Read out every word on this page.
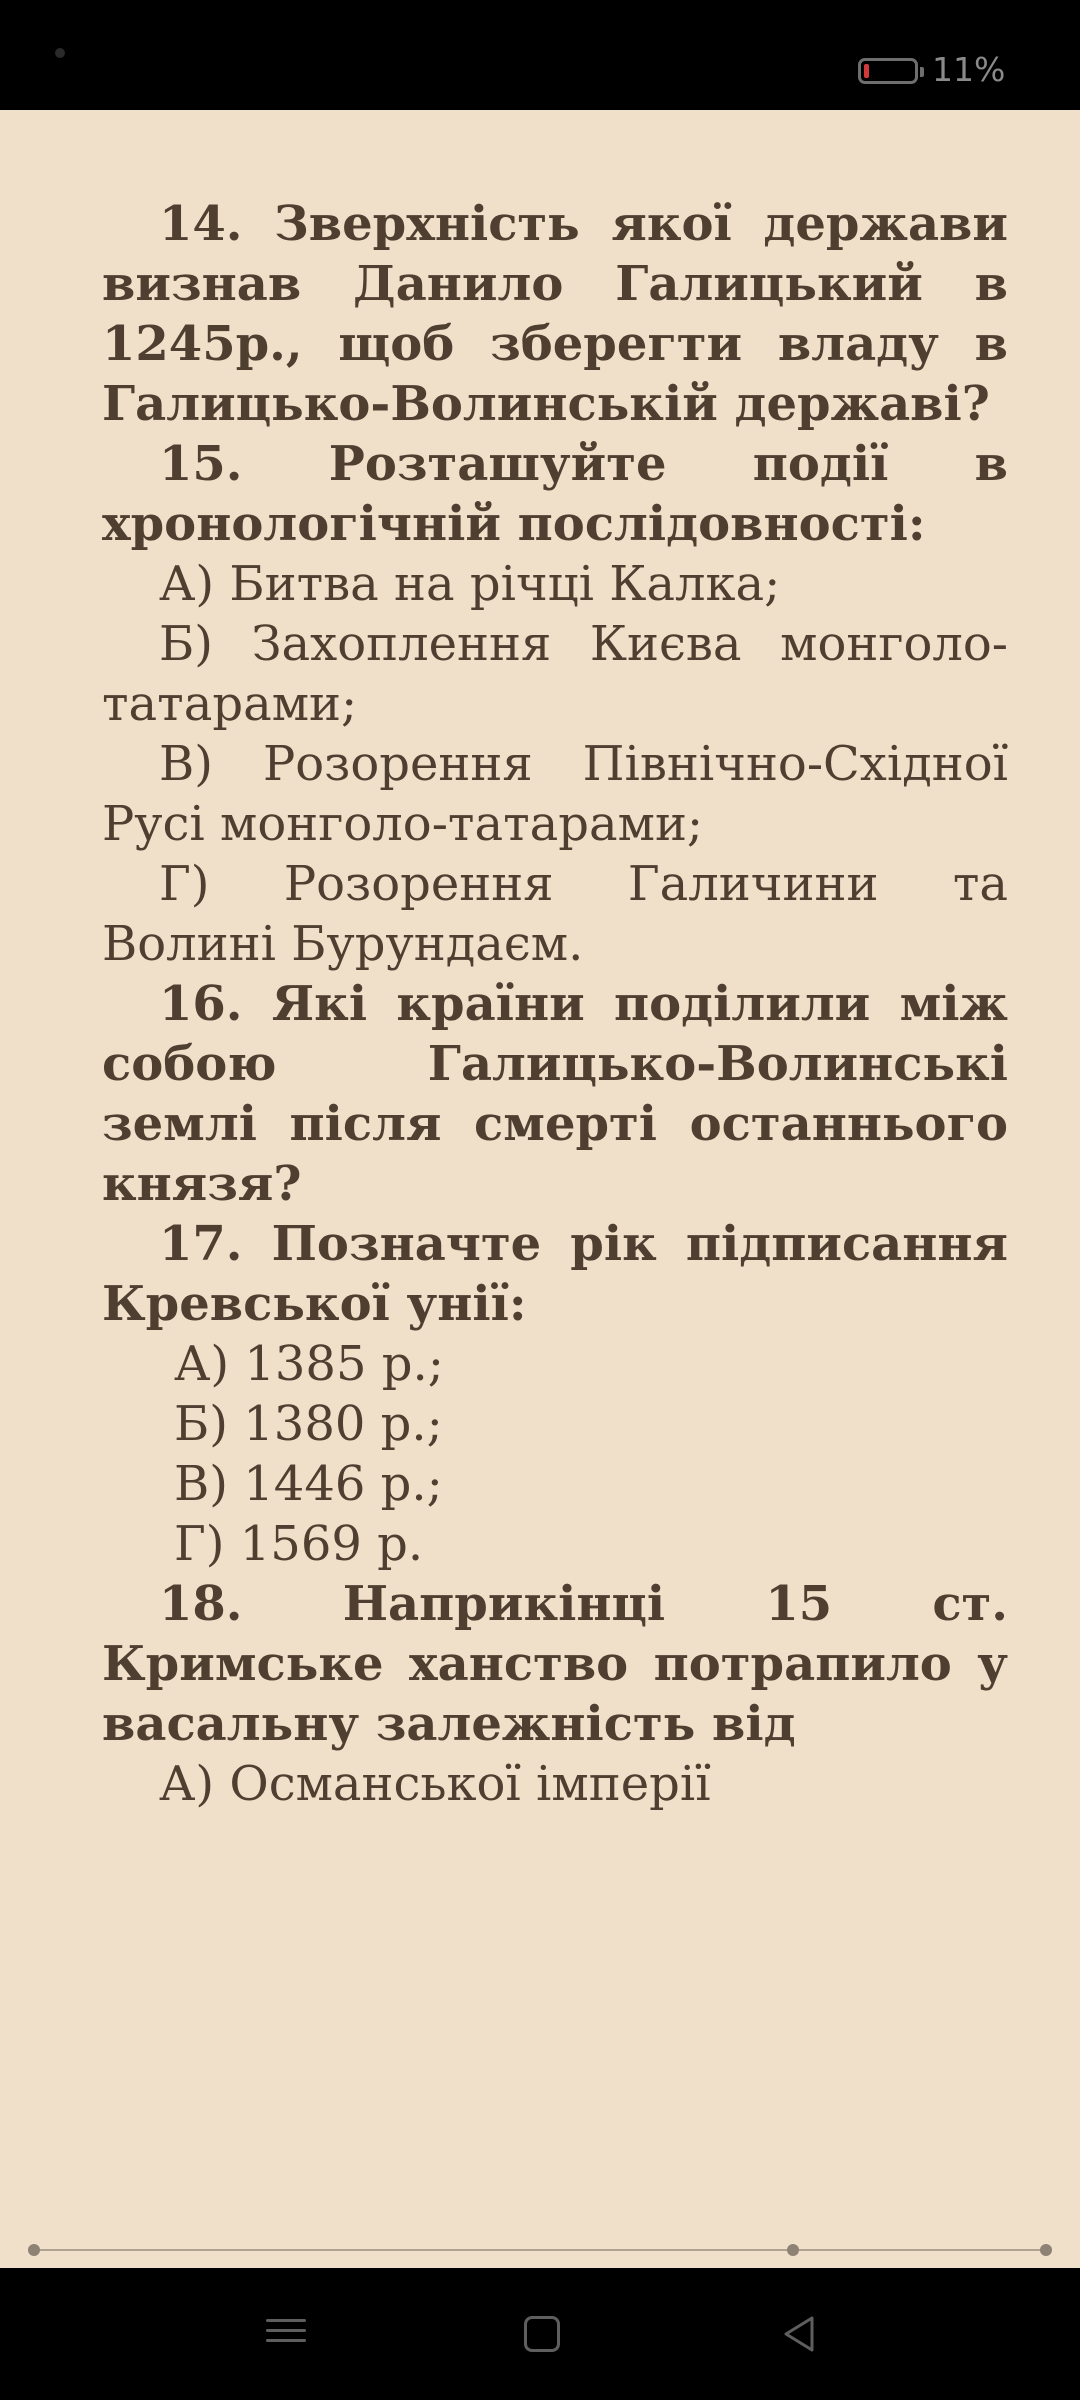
11%
14. Зверхність якої держави визнав Данило Галицький в 1245р., щоб зберегти владу в Галицько-Волинській державі?
15. Розташуйте події в хронологічній послідовності:
А) Битва на річці Калка;
Б) Захоплення Києва монголо-татарами;
В) Розорення Північно-Східної Русі монголо-татарами;
Г) Розорення Галичини та Волині Бурундаєм.
16. Які країни поділили між собою Галицько-Волинські землі після смерті останнього князя?
17. Позначте рік підписання Кревської унії:
А) 1385 р.;
Б) 1380 р.;
В) 1446 р.;
Г) 1569 р.
18. Наприкінці 15 ст. Кримське ханство потрапило у васальну залежність від
А) Османської імперії
